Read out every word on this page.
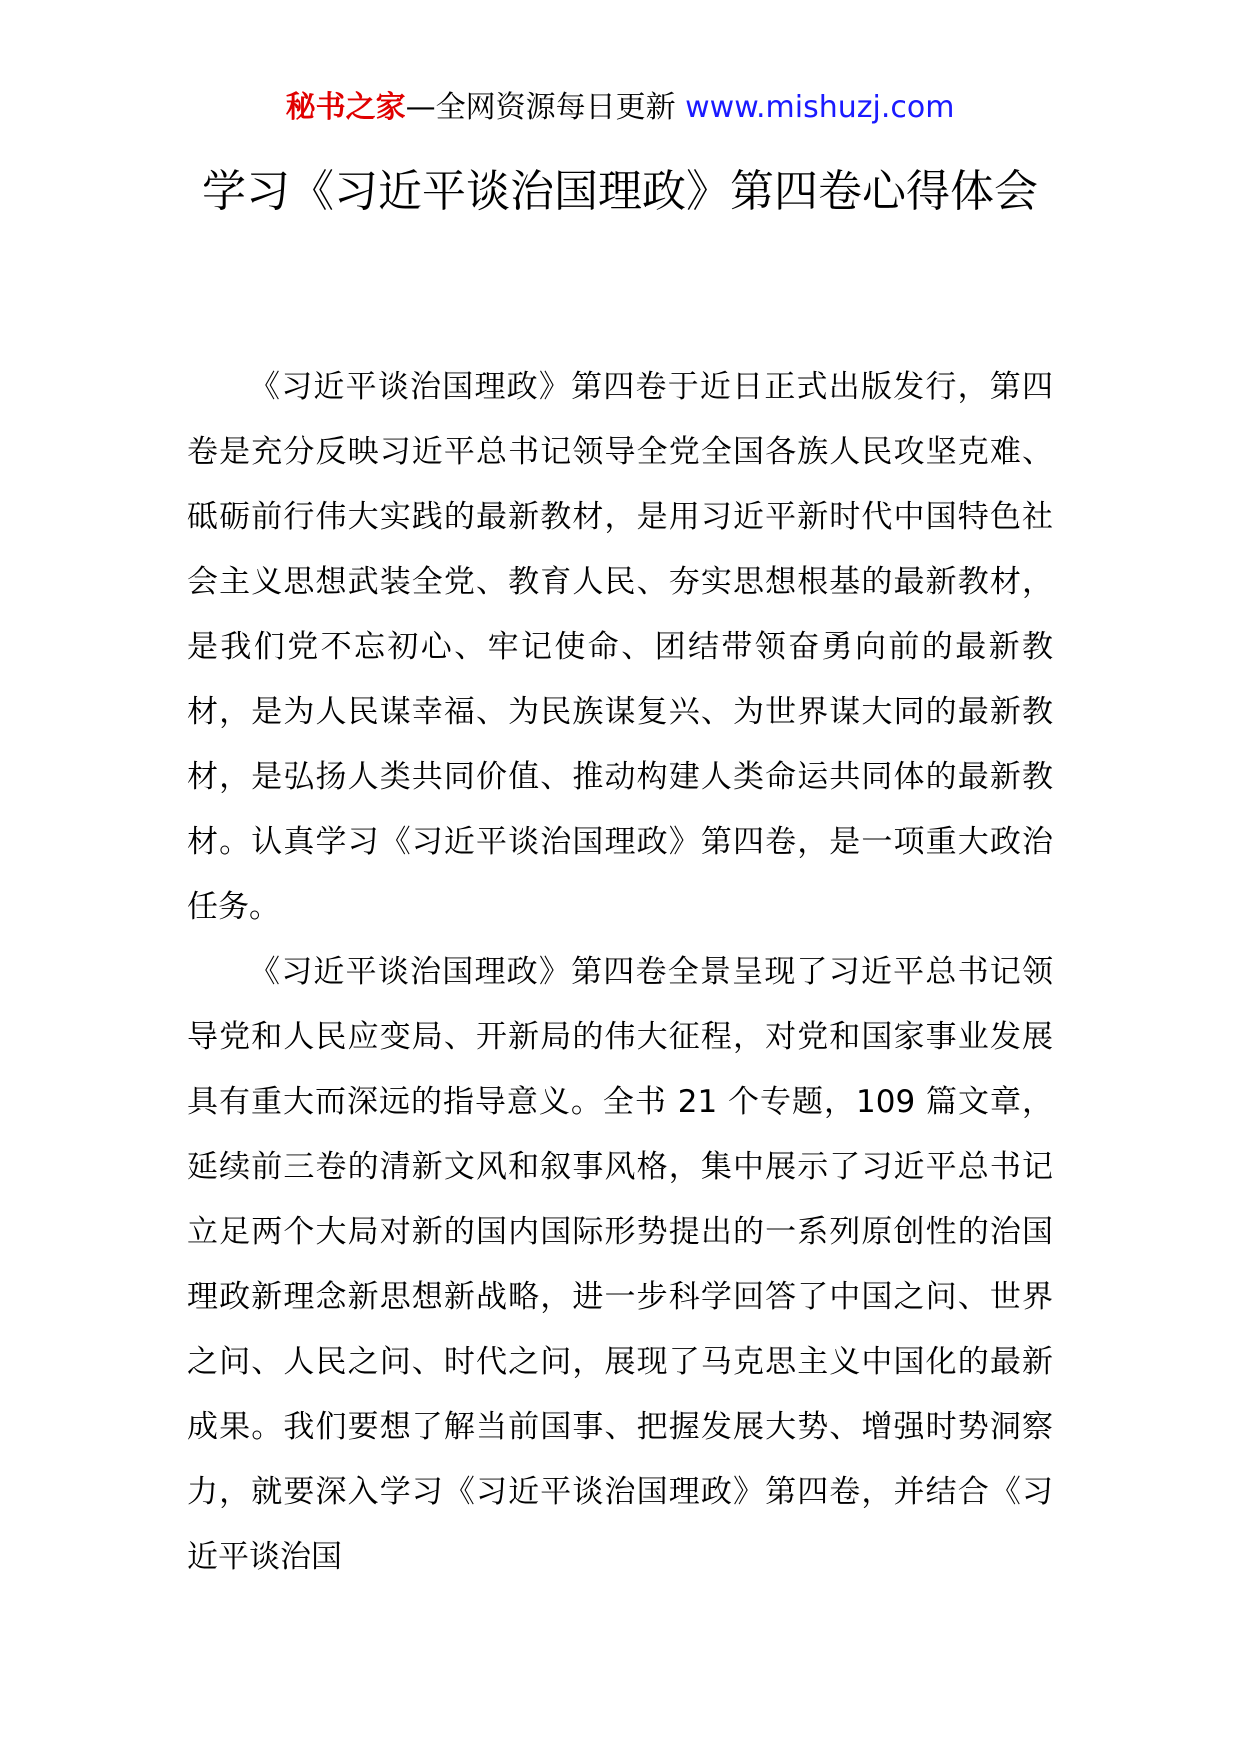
秘书之家—全网资源每日更新 www.mishuzj.com
学习《习近平谈治国理政》第四卷心得体会

《习近平谈治国理政》第四卷于近日正式出版发行，第四卷是充分反映习近平总书记领导全党全国各族人民攻坚克难、砥砺前行伟大实践的最新教材，是用习近平新时代中国特色社会主义思想武装全党、教育人民、夯实思想根基的最新教材，是我们党不忘初心、牢记使命、团结带领奋勇向前的最新教材，是为人民谋幸福、为民族谋复兴、为世界谋大同的最新教材，是弘扬人类共同价值、推动构建人类命运共同体的最新教材。认真学习《习近平谈治国理政》第四卷，是一项重大政治任务。

《习近平谈治国理政》第四卷全景呈现了习近平总书记领导党和人民应变局、开新局的伟大征程，对党和国家事业发展具有重大而深远的指导意义。全书 21 个专题，109 篇文章，延续前三卷的清新文风和叙事风格，集中展示了习近平总书记立足两个大局对新的国内国际形势提出的一系列原创性的治国理政新理念新思想新战略，进一步科学回答了中国之问、世界之问、人民之问、时代之问，展现了马克思主义中国化的最新成果。我们要想了解当前国事、把握发展大势、增强时势洞察力，就要深入学习《习近平谈治国理政》第四卷，并结合《习近平谈治国
